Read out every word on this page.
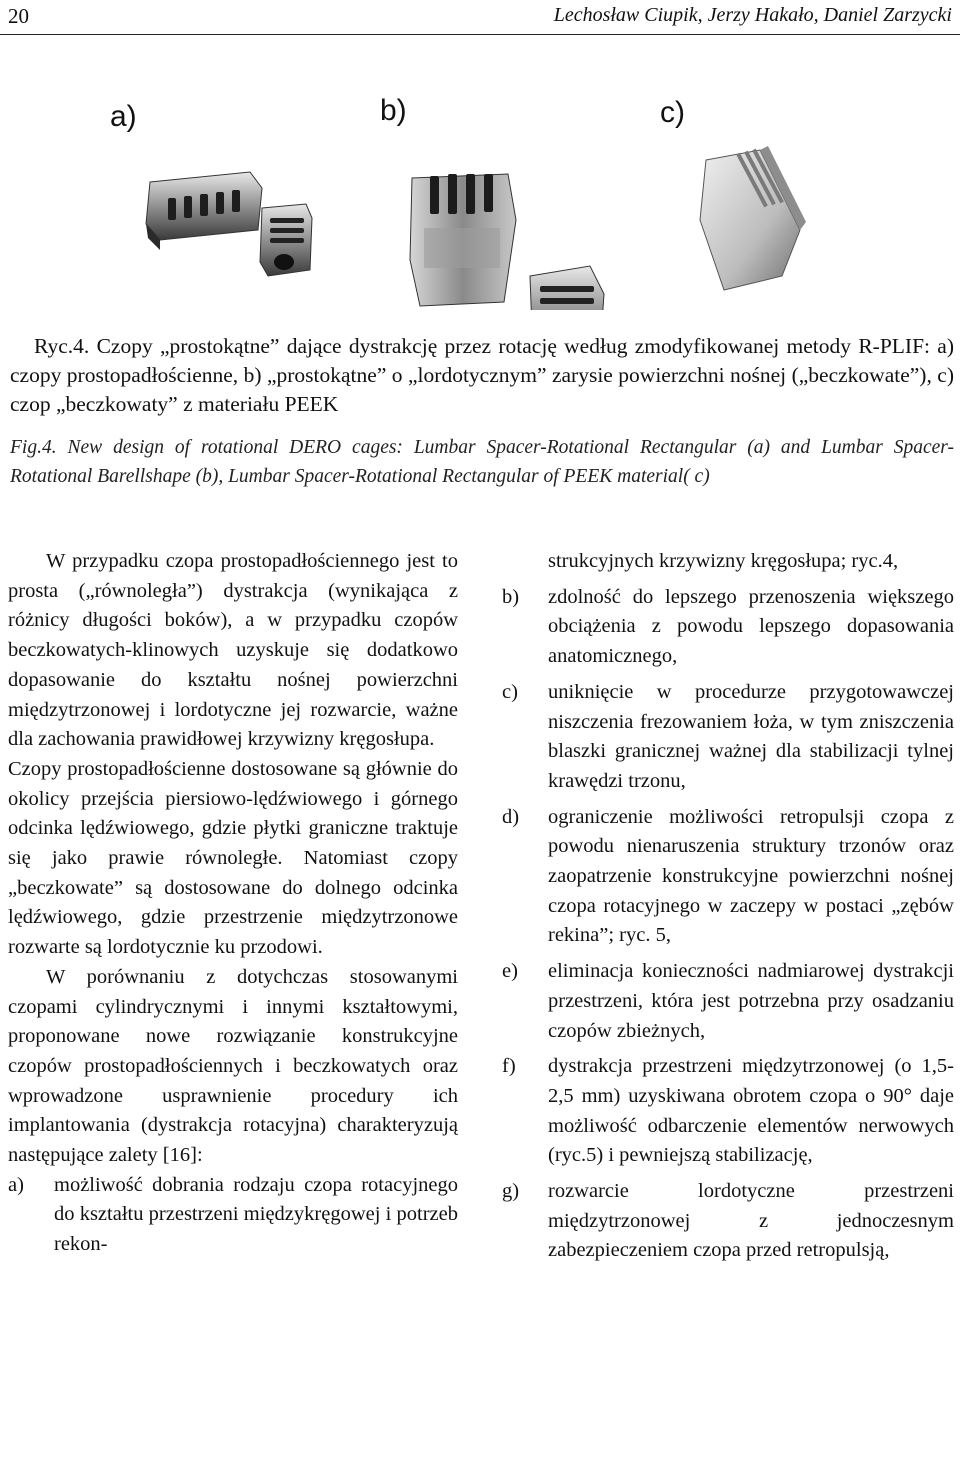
20	Lechosław Ciupik, Jerzy Hakało, Daniel Zarzycki
a)	b)	c)
Ryc.4. Czopy „prostokątne” dające dystrakcję przez rotację według zmodyfikowanej metody R-PLIF: a) czopy prostopadłościenne, b) „prostokątne” o „lordotycznym” zarysie powierzchni nośnej („beczkowate”), c) czop „beczkowaty” z materiału PEEK
Fig.4. New design of rotational DERO cages: Lumbar Spacer-Rotational Rectangular (a) and Lumbar Spacer-Rotational Barellshape (b), Lumbar Spacer-Rotational Rectangular of PEEK material( c)

W przypadku czopa prostopadłościennego jest to prosta („równoległa”) dystrakcja (wynikająca z różnicy długości boków), a w przypadku czopów beczkowatych-klinowych uzyskuje się dodatkowo dopasowanie do kształtu nośnej powierzchni międzytrzonowej i lordotyczne jej rozwarcie, ważne dla zachowania prawidłowej krzywizny kręgosłupa.

Czopy prostopadłościenne dostosowane są głównie do okolicy przejścia piersiowo-lędźwiowego i górnego odcinka lędźwiowego, gdzie płytki graniczne traktuje się jako prawie równoległe. Natomiast czopy „beczkowate” są dostosowane do dolnego odcinka lędźwiowego, gdzie przestrzenie międzytrzonowe rozwarte są lordotycznie ku przodowi.

W porównaniu z dotychczas stosowanymi czopami cylindrycznymi i innymi kształtowymi, proponowane nowe rozwiązanie konstrukcyjne czopów prostopadłościennych i beczkowatych oraz wprowadzone usprawnienie procedury ich implantowania (dystrakcja rotacyjna) charakteryzują następujące zalety [16]:

a)	możliwość dobrania rodzaju czopa rotacyjnego do kształtu przestrzeni międzykręgowej i potrzeb rekon-
strukcyjnych krzywizny kręgosłupa; ryc.4,
b)	zdolność do lepszego przenoszenia większego obciążenia z powodu lepszego dopasowania anatomicznego,
c)	uniknięcie w procedurze przygotowawczej niszczenia frezowaniem łoża, w tym zniszczenia blaszki granicznej ważnej dla stabilizacji tylnej krawędzi trzonu,
d)	ograniczenie możliwości retropulsji czopa z powodu nienaruszenia struktury trzonów oraz zaopatrzenie konstrukcyjne powierzchni nośnej czopa rotacyjnego w zaczepy w postaci „zębów rekina”; ryc. 5,
e)	eliminacja konieczności nadmiarowej dystrakcji przestrzeni, która jest potrzebna przy osadzaniu czopów zbieżnych,
f)	dystrakcja przestrzeni międzytrzonowej (o 1,5-2,5 mm) uzyskiwana obrotem czopa o 90° daje możliwość odbarczenie elementów nerwowych (ryc.5) i pewniejszą stabilizację,
g)	rozwarcie lordotyczne przestrzeni międzytrzonowej z jednoczesnym zabezpieczeniem czopa przed retropulsją,
